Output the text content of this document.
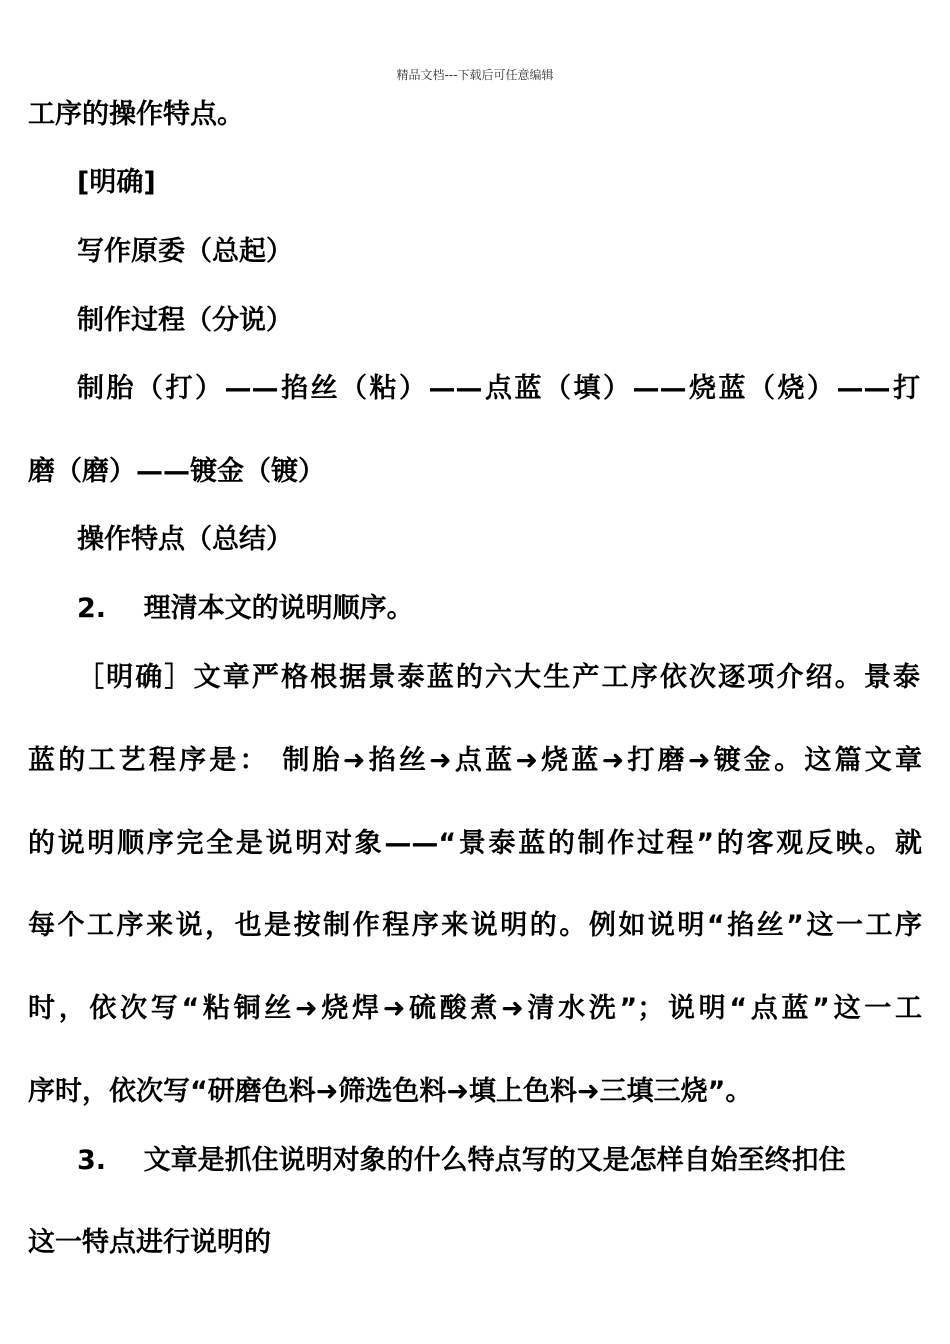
精品文档---下载后可任意编辑
工序的操作特点。
[明确]
写作原委（总起）
制作过程（分说）
制胎（打）——掐丝（粘）——点蓝（填）——烧蓝（烧）——打
磨（磨）——镀金（镀）
操作特点（总结）
2.    理清本文的说明顺序。
［明确］文章严格根据景泰蓝的六大生产工序依次逐项介绍。景泰
蓝的工艺程序是： 制胎➜掐丝➜点蓝➜烧蓝➜打磨➜镀金。这篇文章
的说明顺序完全是说明对象——“景泰蓝的制作过程”的客观反映。就
每个工序来说，也是按制作程序来说明的。例如说明“掐丝”这一工序
时，依次写“粘铜丝➜烧焊➜硫酸煮➜清水洗”；说明“点蓝”这一工
序时，依次写“研磨色料➜筛选色料➜填上色料➜三填三烧”。
3.    文章是抓住说明对象的什么特点写的又是怎样自始至终扣住
这一特点进行说明的
